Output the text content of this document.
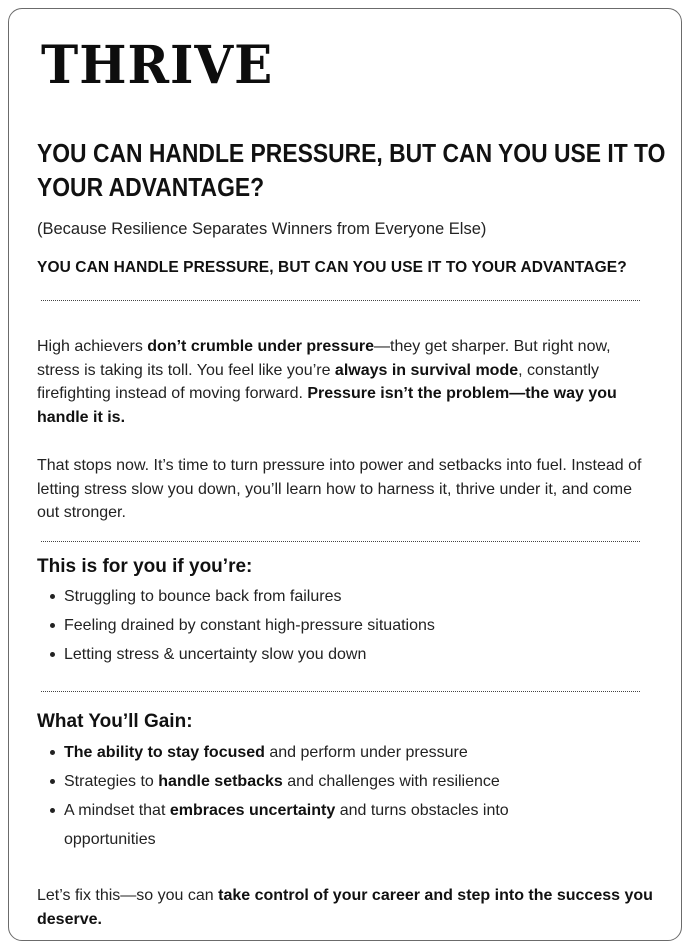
THRIVE
YOU CAN HANDLE PRESSURE, BUT CAN YOU USE IT TO YOUR ADVANTAGE?
(Because Resilience Separates Winners from Everyone Else)
YOU CAN HANDLE PRESSURE, BUT CAN YOU USE IT TO YOUR ADVANTAGE?
High achievers don’t crumble under pressure—they get sharper. But right now, stress is taking its toll. You feel like you’re always in survival mode, constantly firefighting instead of moving forward. Pressure isn’t the problem—the way you handle it is.
That stops now. It’s time to turn pressure into power and setbacks into fuel. Instead of letting stress slow you down, you’ll learn how to harness it, thrive under it, and come out stronger.
This is for you if you’re:
Struggling to bounce back from failures
Feeling drained by constant high-pressure situations
Letting stress & uncertainty slow you down
What You’ll Gain:
The ability to stay focused and perform under pressure
Strategies to handle setbacks and challenges with resilience
A mindset that embraces uncertainty and turns obstacles into opportunities
Let’s fix this—so you can take control of your career and step into the success you deserve.
